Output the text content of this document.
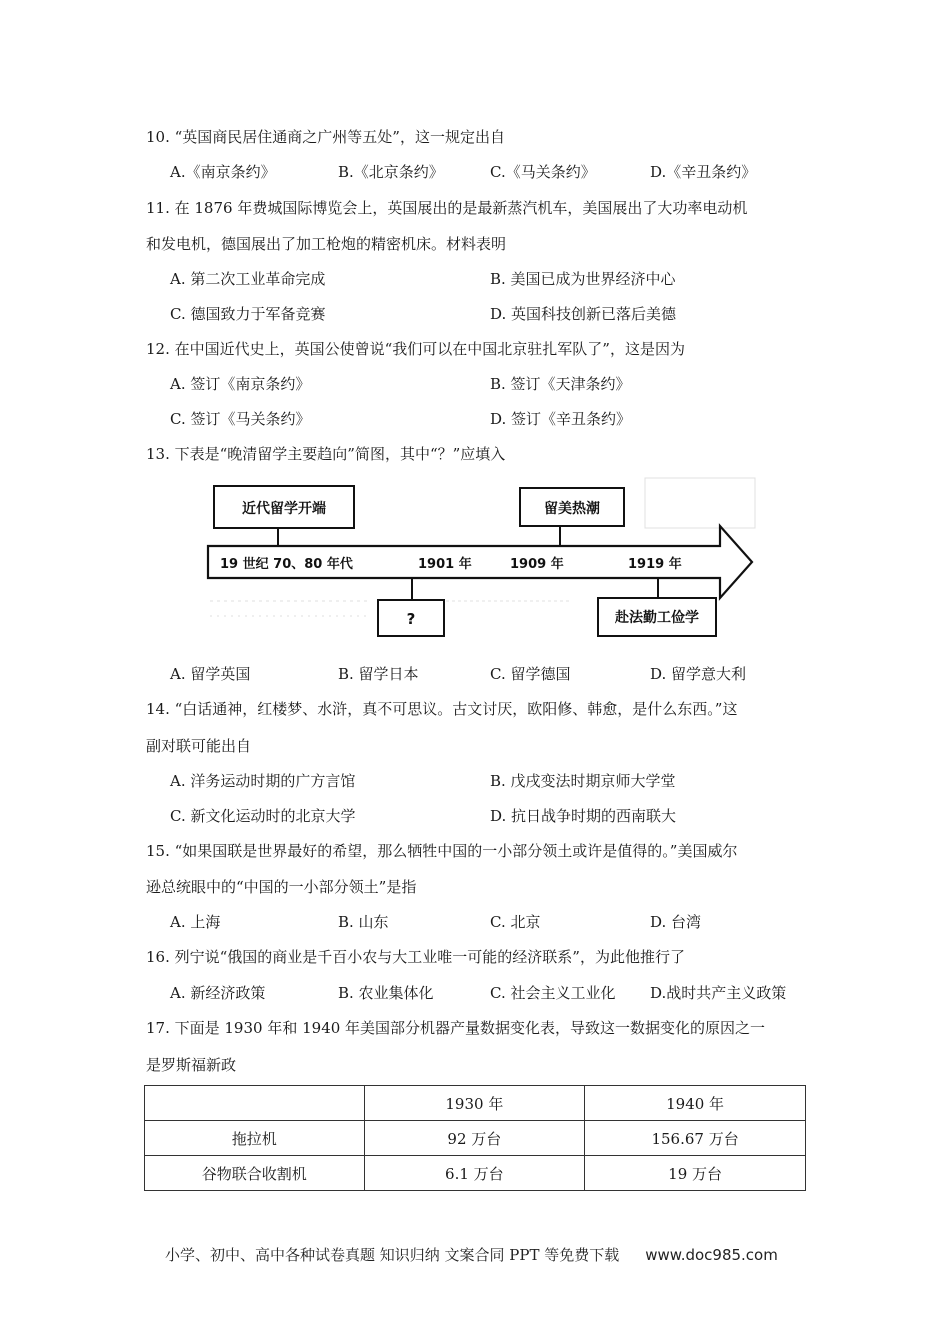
10. “英国商民居住通商之广州等五处”，这一规定出自
A.《南京条约》	B.《北京条约》	C.《马关条约》	D.《辛丑条约》
11. 在 1876 年费城国际博览会上，英国展出的是最新蒸汽机车，美国展出了大功率电动机
和发电机，德国展出了加工枪炮的精密机床。材料表明
A. 第二次工业革命完成	B. 美国已成为世界经济中心
C. 德国致力于军备竞赛	D. 英国科技创新已落后美德
12. 在中国近代史上，英国公使曾说“我们可以在中国北京驻扎军队了”，这是因为
A. 签订《南京条约》	B. 签订《天津条约》
C. 签订《马关条约》	D. 签订《辛丑条约》
13. 下表是“晚清留学主要趋向”简图，其中“？”应填入
近代留学开端	留美热潮
19 世纪 70、80 年代	1901 年	1909 年	1919 年
?	赴法勤工俭学
A. 留学英国	B. 留学日本	C. 留学德国	D. 留学意大利
14. “白话通神，红楼梦、水浒，真不可思议。古文讨厌，欧阳修、韩愈，是什么东西。”这
副对联可能出自
A. 洋务运动时期的广方言馆	B. 戊戌变法时期京师大学堂
C. 新文化运动时的北京大学	D. 抗日战争时期的西南联大
15. “如果国联是世界最好的希望，那么牺牲中国的一小部分领土或许是值得的。”美国威尔
逊总统眼中的“中国的一小部分领土”是指
A. 上海	B. 山东	C. 北京	D. 台湾
16. 列宁说“俄国的商业是千百小农与大工业唯一可能的经济联系”，为此他推行了
A. 新经济政策	B. 农业集体化	C. 社会主义工业化 D.战时共产主义政策
17. 下面是 1930 年和 1940 年美国部分机器产量数据变化表，导致这一数据变化的原因之一
是罗斯福新政
	1930 年	1940 年
拖拉机	92 万台	156.67 万台
谷物联合收割机	6.1 万台	19 万台
小学、初中、高中各种试卷真题 知识归纳 文案合同 PPT 等免费下载 www.doc985.com
